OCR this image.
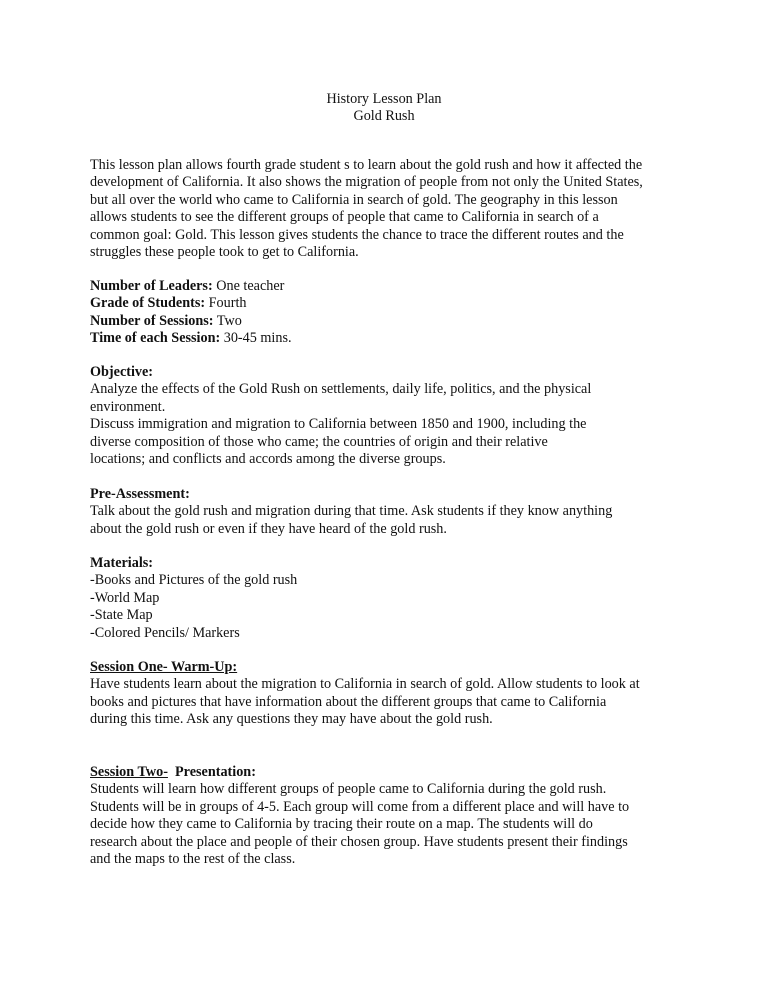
History Lesson Plan
Gold Rush
This lesson plan allows fourth grade student s to learn about the gold rush and how it affected the
development of California. It also shows the migration of people from not only the United States,
but all over the world who came to California in search of gold. The geography in this lesson
allows students to see the different groups of people that came to California in search of a
common goal: Gold. This lesson gives students the chance to trace the different routes and the
struggles these people took to get to California.
Number of Leaders: One teacher
Grade of Students: Fourth
Number of Sessions: Two
Time of each Session: 30-45 mins.
Objective:
Analyze the effects of the Gold Rush on settlements, daily life, politics, and the physical
environment.
Discuss immigration and migration to California between 1850 and 1900, including the
diverse composition of those who came; the countries of origin and their relative
locations; and conflicts and accords among the diverse groups.
Pre-Assessment:
Talk about the gold rush and migration during that time. Ask students if they know anything
about the gold rush or even if they have heard of the gold rush.
Materials:
-Books and Pictures of the gold rush
-World Map
-State Map
-Colored Pencils/ Markers
Session One- Warm-Up:
Have students learn about the migration to California in search of gold. Allow students to look at
books and pictures that have information about the different groups that came to California
during this time. Ask any questions they may have about the gold rush.
Session Two-  Presentation:
Students will learn how different groups of people came to California during the gold rush.
Students will be in groups of 4-5. Each group will come from a different place and will have to
decide how they came to California by tracing their route on a map. The students will do
research about the place and people of their chosen group. Have students present their findings
and the maps to the rest of the class.
